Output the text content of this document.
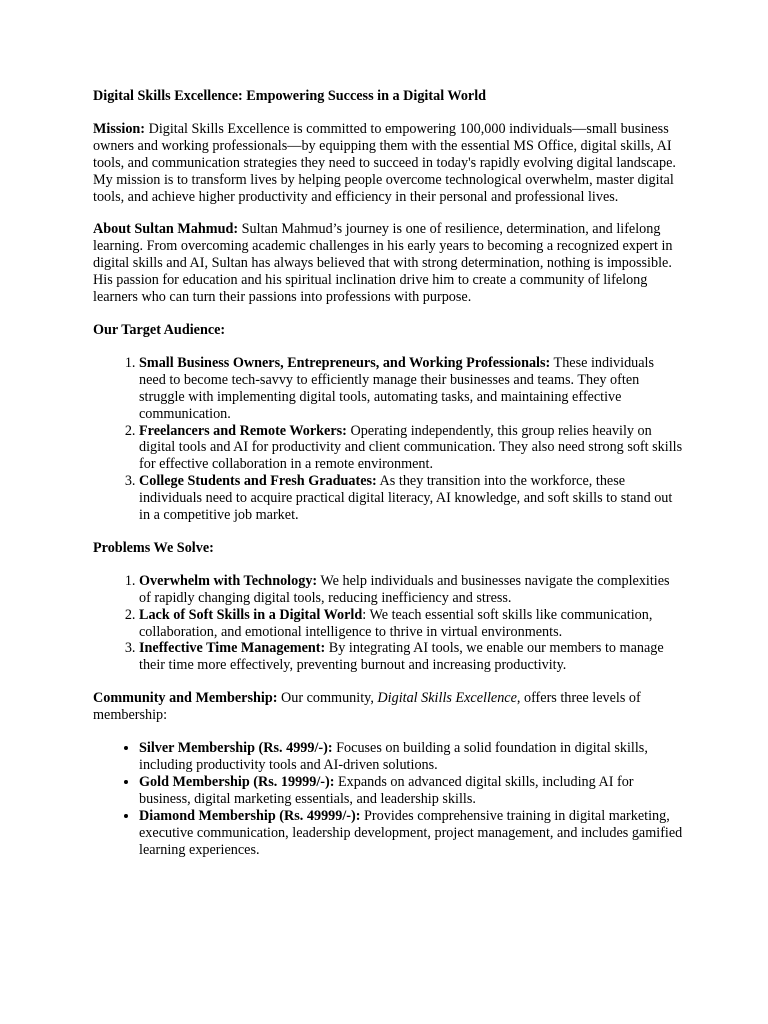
Digital Skills Excellence: Empowering Success in a Digital World

Mission: Digital Skills Excellence is committed to empowering 100,000 individuals—small business owners and working professionals—by equipping them with the essential MS Office, digital skills, AI tools, and communication strategies they need to succeed in today's rapidly evolving digital landscape. My mission is to transform lives by helping people overcome technological overwhelm, master digital tools, and achieve higher productivity and efficiency in their personal and professional lives.

About Sultan Mahmud: Sultan Mahmud’s journey is one of resilience, determination, and lifelong learning. From overcoming academic challenges in his early years to becoming a recognized expert in digital skills and AI, Sultan has always believed that with strong determination, nothing is impossible. His passion for education and his spiritual inclination drive him to create a community of lifelong learners who can turn their passions into professions with purpose.

Our Target Audience:

1. Small Business Owners, Entrepreneurs, and Working Professionals: These individuals need to become tech-savvy to efficiently manage their businesses and teams. They often struggle with implementing digital tools, automating tasks, and maintaining effective communication.
2. Freelancers and Remote Workers: Operating independently, this group relies heavily on digital tools and AI for productivity and client communication. They also need strong soft skills for effective collaboration in a remote environment.
3. College Students and Fresh Graduates: As they transition into the workforce, these individuals need to acquire practical digital literacy, AI knowledge, and soft skills to stand out in a competitive job market.

Problems We Solve:

1. Overwhelm with Technology: We help individuals and businesses navigate the complexities of rapidly changing digital tools, reducing inefficiency and stress.
2. Lack of Soft Skills in a Digital World: We teach essential soft skills like communication, collaboration, and emotional intelligence to thrive in virtual environments.
3. Ineffective Time Management: By integrating AI tools, we enable our members to manage their time more effectively, preventing burnout and increasing productivity.

Community and Membership: Our community, Digital Skills Excellence, offers three levels of membership:

• Silver Membership (Rs. 4999/-): Focuses on building a solid foundation in digital skills, including productivity tools and AI-driven solutions.
• Gold Membership (Rs. 19999/-): Expands on advanced digital skills, including AI for business, digital marketing essentials, and leadership skills.
• Diamond Membership (Rs. 49999/-): Provides comprehensive training in digital marketing, executive communication, leadership development, project management, and includes gamified learning experiences.
